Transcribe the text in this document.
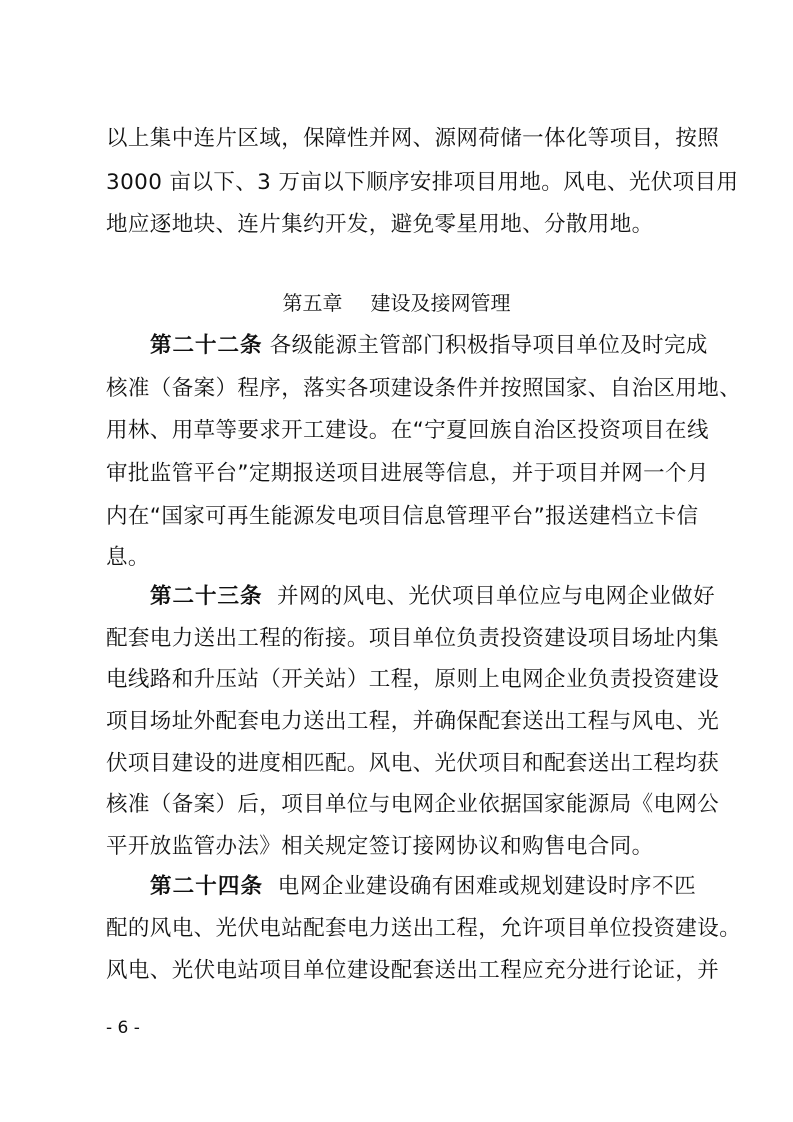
以上集中连片区域，保障性并网、源网荷储一体化等项目，按照
3000 亩以下、3 万亩以下顺序安排项目用地。风电、光伏项目用
地应逐地块、连片集约开发，避免零星用地、分散用地。
第五章 建设及接网管理
第二十二条 各级能源主管部门积极指导项目单位及时完成
核准（备案）程序，落实各项建设条件并按照国家、自治区用地、
用林、用草等要求开工建设。在“宁夏回族自治区投资项目在线
审批监管平台”定期报送项目进展等信息，并于项目并网一个月
内在“国家可再生能源发电项目信息管理平台”报送建档立卡信
息。
第二十三条 并网的风电、光伏项目单位应与电网企业做好
配套电力送出工程的衔接。项目单位负责投资建设项目场址内集
电线路和升压站（开关站）工程，原则上电网企业负责投资建设
项目场址外配套电力送出工程，并确保配套送出工程与风电、光
伏项目建设的进度相匹配。风电、光伏项目和配套送出工程均获
核准（备案）后，项目单位与电网企业依据国家能源局《电网公
平开放监管办法》相关规定签订接网协议和购售电合同。
第二十四条 电网企业建设确有困难或规划建设时序不匹
配的风电、光伏电站配套电力送出工程，允许项目单位投资建设。
风电、光伏电站项目单位建设配套送出工程应充分进行论证，并
- 6 -
